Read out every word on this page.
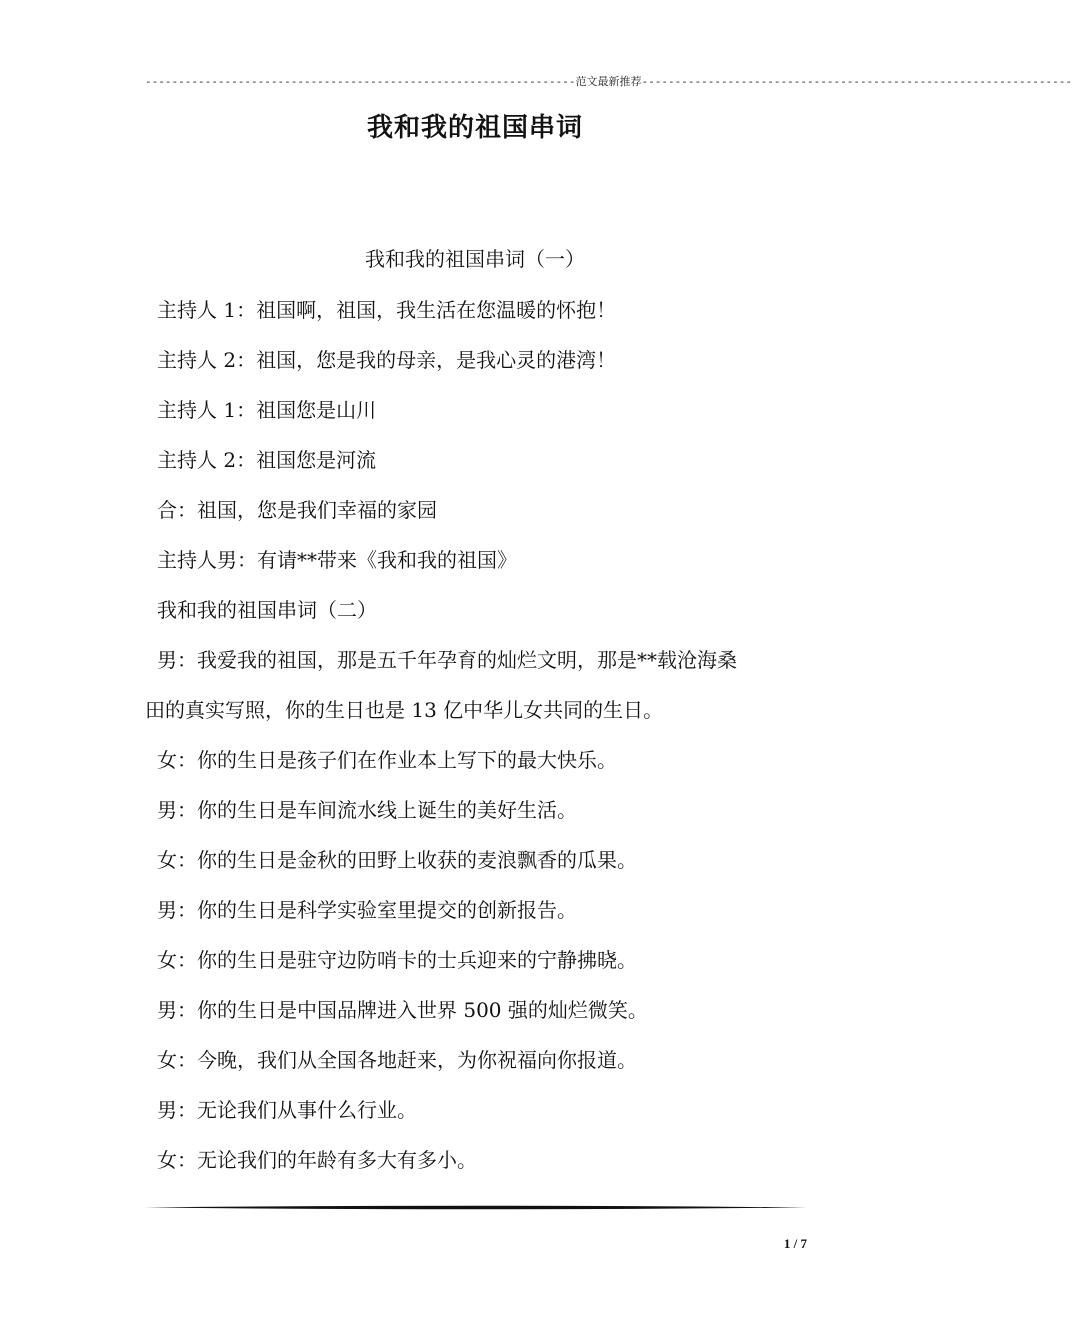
-----------------------------------------------------------------范文最新推荐-----------------------------------------------------------------
我和我的祖国串词
我和我的祖国串词（一）
主持人 1：祖国啊，祖国，我生活在您温暖的怀抱！
主持人 2：祖国，您是我的母亲，是我心灵的港湾！
主持人 1：祖国您是山川
主持人 2：祖国您是河流
合：祖国，您是我们幸福的家园
主持人男：有请**带来《我和我的祖国》
我和我的祖国串词（二）
男：我爱我的祖国，那是五千年孕育的灿烂文明，那是**载沧海桑
田的真实写照，你的生日也是 13 亿中华儿女共同的生日。
女：你的生日是孩子们在作业本上写下的最大快乐。
男：你的生日是车间流水线上诞生的美好生活。
女：你的生日是金秋的田野上收获的麦浪飘香的瓜果。
男：你的生日是科学实验室里提交的创新报告。
女：你的生日是驻守边防哨卡的士兵迎来的宁静拂晓。
男：你的生日是中国品牌进入世界 500 强的灿烂微笑。
女：今晚，我们从全国各地赶来，为你祝福向你报道。
男：无论我们从事什么行业。
女：无论我们的年龄有多大有多小。
1 / 7
